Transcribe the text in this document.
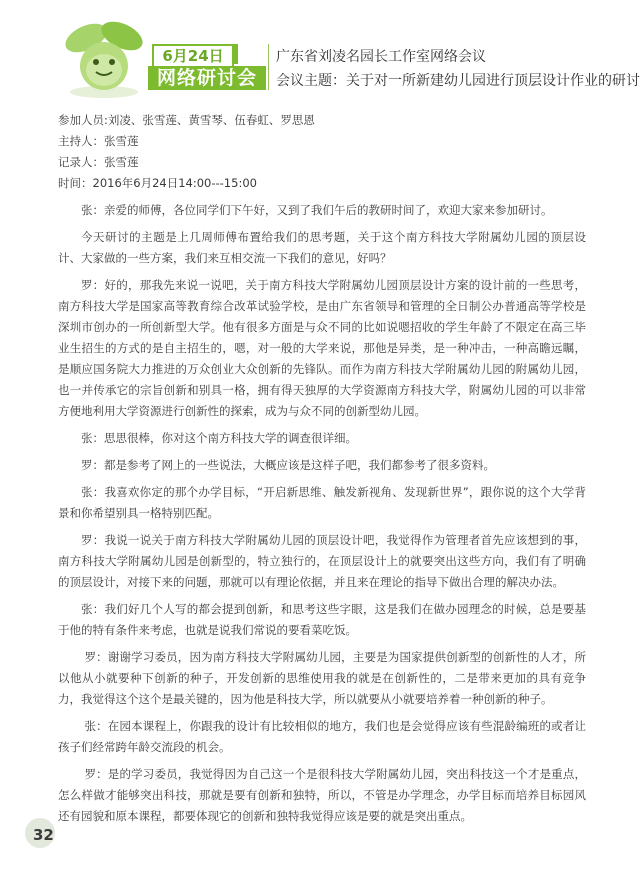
6月24日
网络研讨会
广东省刘凌名园长工作室网络会议
会议主题：关于对一所新建幼儿园进行顶层设计作业的研讨

参加人员:刘凌、张雪莲、黄雪琴、伍春虹、罗思恩

主持人：张雪莲

记录人：张雪莲

时间：2016年6月24日14:00---15:00

张：亲爱的师傅，各位同学们下午好，又到了我们午后的教研时间了，欢迎大家来参加研讨。

今天研讨的主题是上几周师傅布置给我们的思考题，关于这个南方科技大学附属幼儿园的顶层设计、大家做的一些方案，我们来互相交流一下我们的意见，好吗？

罗：好的，那我先来说一说吧，关于南方科技大学附属幼儿园顶层设计方案的设计前的一些思考，南方科技大学是国家高等教育综合改革试验学校，是由广东省领导和管理的全日制公办普通高等学校是深圳市创办的一所创新型大学。他有很多方面是与众不同的比如说嗯招收的学生年龄了不限定在高三毕业生招生的方式的是自主招生的，嗯，对一般的大学来说，那他是异类，是一种冲击，一种高瞻远瞩，是顺应国务院大力推进的万众创业大众创新的先锋队。而作为南方科技大学附属幼儿园的附属幼儿园，也一并传承它的宗旨创新和别具一格，拥有得天独厚的大学资源南方科技大学，附属幼儿园的可以非常方便地利用大学资源进行创新性的探索，成为与众不同的创新型幼儿园。

张：思思很棒，你对这个南方科技大学的调查很详细。

罗：都是参考了网上的一些说法，大概应该是这样子吧，我们都参考了很多资料。

张：我喜欢你定的那个办学目标，“开启新思维、触发新视角、发现新世界”，跟你说的这个大学背景和你希望别具一格特别匹配。

罗：我说一说关于南方科技大学附属幼儿园的顶层设计吧，我觉得作为管理者首先应该想到的事，南方科技大学附属幼儿园是创新型的，特立独行的，在顶层设计上的就要突出这些方向，我们有了明确的顶层设计，对接下来的问题，那就可以有理论依据，并且来在理论的指导下做出合理的解决办法。

张：我们好几个人写的都会提到创新，和思考这些字眼，这是我们在做办园理念的时候，总是要基于他的特有条件来考虑，也就是说我们常说的要看菜吃饭。

罗：谢谢学习委员，因为南方科技大学附属幼儿园，主要是为国家提供创新型的创新性的人才，所以他从小就要种下创新的种子，开发创新的思维使用我的就是在创新性的，二是带来更加的具有竞争力，我觉得这个这个是最关键的，因为他是科技大学，所以就要从小就要培养着一种创新的种子。

张：在园本课程上，你跟我的设计有比较相似的地方，我们也是会觉得应该有些混龄编班的或者让孩子们经常跨年龄交流段的机会。

罗：是的学习委员，我觉得因为自己这一个是很科技大学附属幼儿园，突出科技这一个才是重点，怎么样做才能够突出科技，那就是要有创新和独特，所以，不管是办学理念，办学目标而培养目标园风还有园貌和原本课程，都要体现它的创新和独特我觉得应该是要的就是突出重点。

32
